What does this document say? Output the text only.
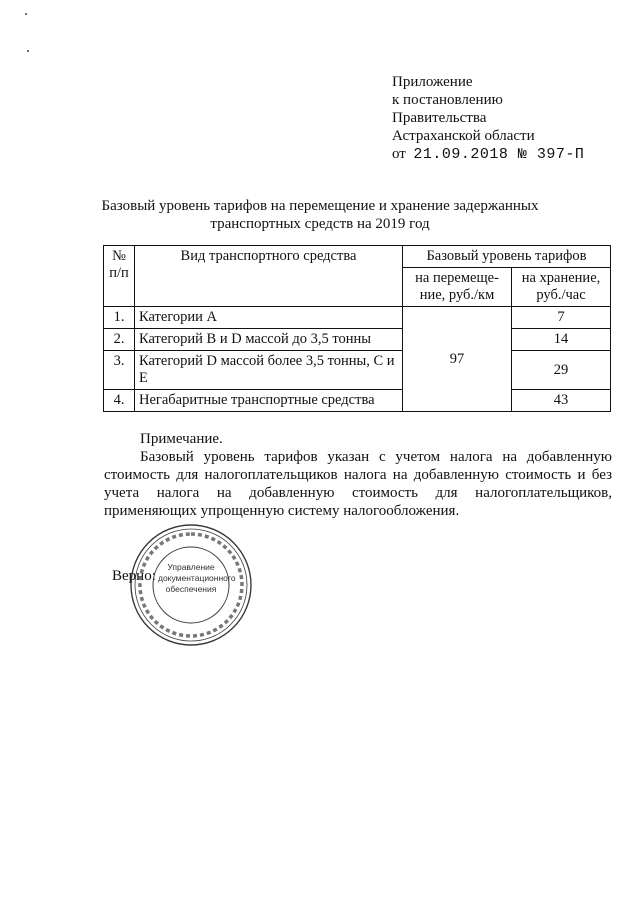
Приложение
к постановлению
Правительства
Астраханской области
от 21.09.2018 № 397-П
Базовый уровень тарифов на перемещение и хранение задержанных
транспортных средств на 2019 год
№ п/п	Вид транспортного средства	Базовый уровень тарифов	
		на перемеще-ние, руб./км	на хранение, руб./час
1.	Категории А	97	7
2.	Категорий В и D массой до 3,5 тонны		14
3.	Категорий D массой более 3,5 тонны, С и Е		29
4.	Негабаритные транспортные средства		43
Примечание.
Базовый уровень тарифов указан с учетом налога на добавленную стоимость для налогоплательщиков налога на добавленную стоимость и без учета налога на добавленную стоимость для налогоплательщиков, применяющих упрощенную систему налогообложения.
Верно:
Управление
документационного
обеспечения
